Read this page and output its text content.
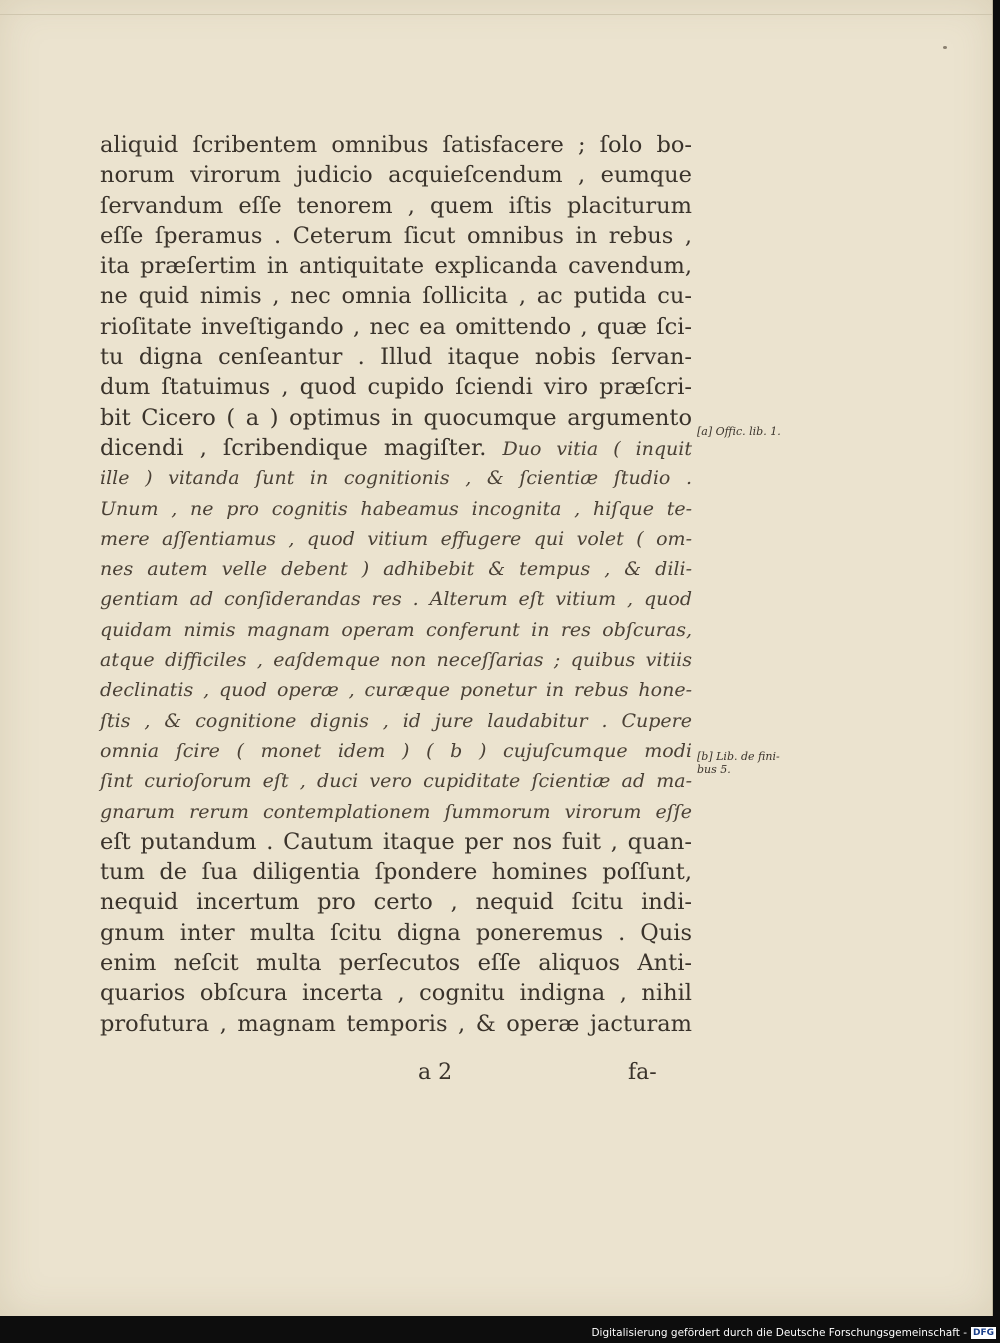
aliquid ſcribentem omnibus ſatisfacere ; ſolo bo-
norum virorum judicio acquieſcendum , eumque
ſervandum eſſe tenorem , quem iſtis placiturum
eſſe ſperamus . Ceterum ſicut omnibus in rebus ,
ita præſertim in antiquitate explicanda cavendum,
ne quid nimis , nec omnia ſollicita , ac putida cu-
rioſitate inveſtigando , nec ea omittendo , quæ ſci-
tu digna cenſeantur . Illud itaque nobis ſervan-
dum ſtatuimus , quod cupido ſciendi viro præſcri-
bit Cicero ( a ) optimus in quocumque argumento
dicendi , ſcribendique magiſter. Duo vitia ( inquit
ille ) vitanda ſunt in cognitionis , & ſcientiæ ſtudio .
Unum , ne pro cognitis habeamus incognita , hiſque te-
mere aſſentiamus , quod vitium effugere qui volet ( om-
nes autem velle debent ) adhibebit & tempus , & dili-
gentiam ad conſiderandas res . Alterum eſt vitium , quod
quidam nimis magnam operam conferunt in res obſcuras,
atque difficiles , eaſdemque non neceſſarias ; quibus vitiis
declinatis , quod operæ , curæque ponetur in rebus hone-
ſtis , & cognitione dignis , id jure laudabitur . Cupere
omnia ſcire ( monet idem ) ( b ) cujuſcumque modi
ſint curioſorum eſt , duci vero cupiditate ſcientiæ ad ma-
gnarum rerum contemplationem ſummorum virorum eſſe
eſt putandum . Cautum itaque per nos fuit , quan-
tum de ſua diligentia ſpondere homines poſſunt,
nequid incertum pro certo , nequid ſcitu indi-
gnum inter multa ſcitu digna poneremus . Quis
enim neſcit multa perſecutos eſſe aliquos Anti-
quarios obſcura incerta , cognitu indigna , nihil
profutura , magnam temporis , & operæ jacturam
[a] Offic. lib. 1.
[b] Lib. de fini-
bus 5.
a 2	fa-
Digitalisierung gefördert durch die Deutsche Forschungsgemeinschaft - DFG
